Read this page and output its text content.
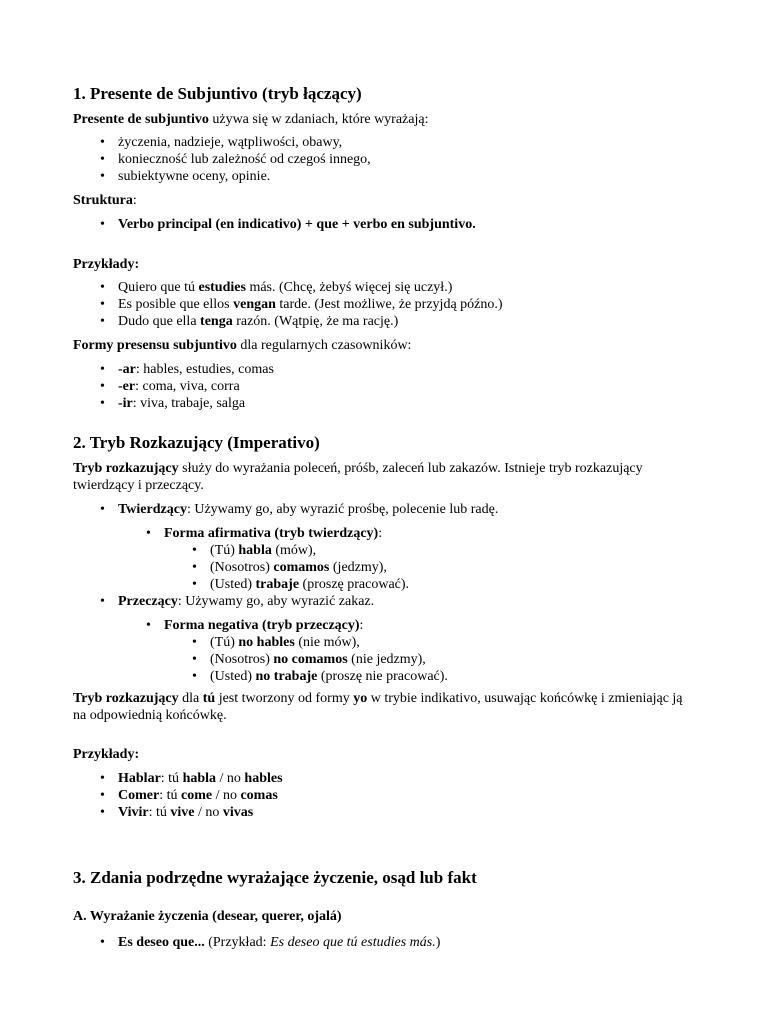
1. Presente de Subjuntivo (tryb łączący)

Presente de subjuntivo używa się w zdaniach, które wyrażają:

• życzenia, nadzieje, wątpliwości, obawy,
• konieczność lub zależność od czegoś innego,
• subiektywne oceny, opinie.

Struktura:

• Verbo principal (en indicativo) + que + verbo en subjuntivo.

Przykłady:

• Quiero que tú estudies más. (Chcę, żebyś więcej się uczył.)
• Es posible que ellos vengan tarde. (Jest możliwe, że przyjdą późno.)
• Dudo que ella tenga razón. (Wątpię, że ma rację.)

Formy presensu subjuntivo dla regularnych czasowników:

• -ar: hables, estudies, comas
• -er: coma, viva, corra
• -ir: viva, trabaje, salga
2. Tryb Rozkazujący (Imperativo)

Tryb rozkazujący służy do wyrażania poleceń, próśb, zaleceń lub zakazów. Istnieje tryb rozkazujący twierdzący i przeczący.

• Twierdzący: Używamy go, aby wyrazić prośbę, polecenie lub radę.
• Forma afirmativa (tryb twierdzący):
• (Tú) habla (mów),
• (Nosotros) comamos (jedzmy),
• (Usted) trabaje (proszę pracować).
• Przeczący: Używamy go, aby wyrazić zakaz.
• Forma negativa (tryb przeczący):
• (Tú) no hables (nie mów),
• (Nosotros) no comamos (nie jedzmy),
• (Usted) no trabaje (proszę nie pracować).

Tryb rozkazujący dla tú jest tworzony od formy yo w trybie indikativo, usuwając końcówkę i zmieniając ją na odpowiednią końcówkę.

Przykłady:

• Hablar: tú habla / no hables
• Comer: tú come / no comas
• Vivir: tú vive / no vivas
3. Zdania podrzędne wyrażające życzenie, osąd lub fakt
A. Wyrażanie życzenia (desear, querer, ojalá)
• Es deseo que... (Przykład: Es deseo que tú estudies más.)
